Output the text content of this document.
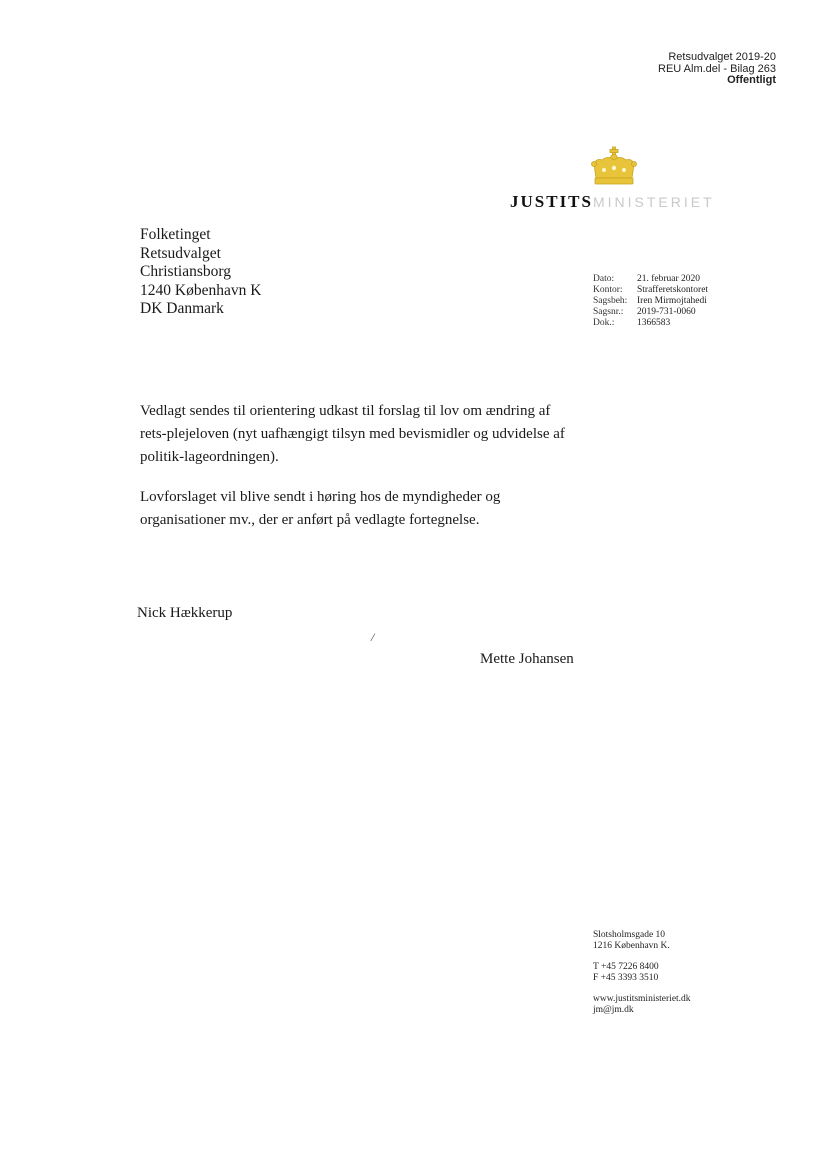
Retsudvalget 2019-20
REU Alm.del - Bilag 263
Offentligt
JUSTITSMINISTERIET
Folketinget
Retsudvalget
Christiansborg
1240 København K
DK Danmark
Dato:	21. februar 2020
Kontor:	Strafferetskontoret
Sagsbeh:	Iren Mirmojtahedi
Sagsnr.:	2019-731-0060
Dok.:	1366583

Vedlagt sendes til orientering udkast til forslag til lov om ændring af rets-plejeloven (nyt uafhængigt tilsyn med bevismidler og udvidelse af politik-lageordningen).

Lovforslaget vil blive sendt i høring hos de myndigheder og organisationer mv., der er anført på vedlagte fortegnelse.

Nick Hækkerup
/
Mette Johansen
Slotsholmsgade 10
1216 København K.
T +45 7226 8400
F +45 3393 3510
www.justitsministeriet.dk
jm@jm.dk
